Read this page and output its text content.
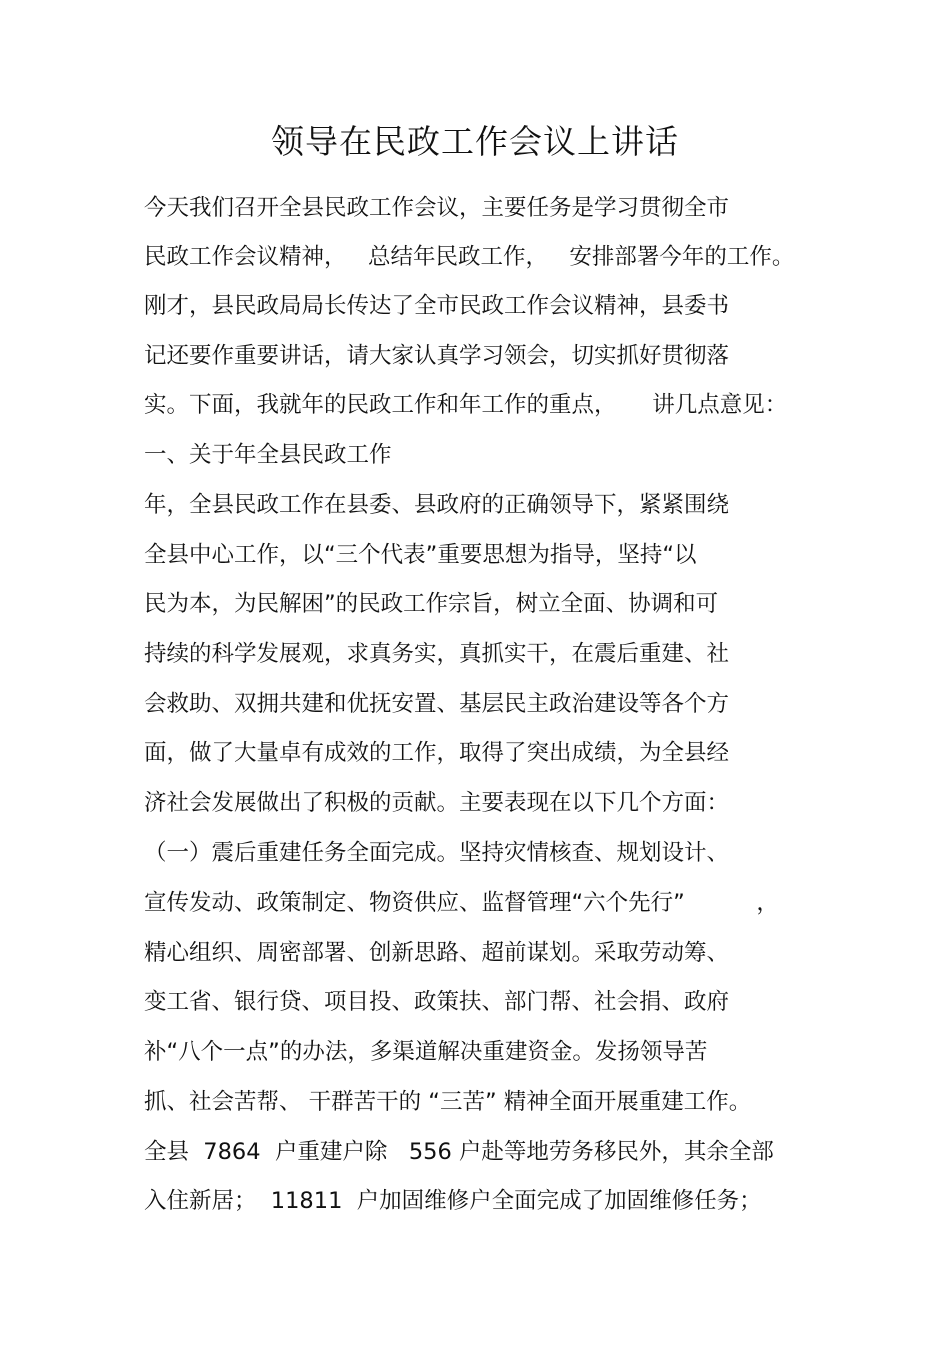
领导在民政工作会议上讲话
今天我们召开全县民政工作会议，主要任务是学习贯彻全市
民政工作会议精神，   总结年民政工作，   安排部署今年的工作。
刚才，县民政局局长传达了全市民政工作会议精神，县委书
记还要作重要讲话，请大家认真学习领会，切实抓好贯彻落
实。下面，我就年的民政工作和年工作的重点，     讲几点意见：
一、关于年全县民政工作
年，全县民政工作在县委、县政府的正确领导下，紧紧围绕
全县中心工作，以“三个代表”重要思想为指导，坚持“以
民为本，为民解困”的民政工作宗旨，树立全面、协调和可
持续的科学发展观，求真务实，真抓实干，在震后重建、社
会救助、双拥共建和优抚安置、基层民主政治建设等各个方
面，做了大量卓有成效的工作，取得了突出成绩，为全县经
济社会发展做出了积极的贡献。主要表现在以下几个方面：
（一）震后重建任务全面完成。坚持灾情核查、规划设计、
宣传发动、政策制定、物资供应、监督管理“六个先行”          ，
精心组织、周密部署、创新思路、超前谋划。采取劳动筹、
变工省、银行贷、项目投、政策扶、部门帮、社会捐、政府
补“八个一点”的办法，多渠道解决重建资金。发扬领导苦
抓、社会苦帮、 干群苦干的 “三苦” 精神全面开展重建工作。
全县  7864  户重建户除   556 户赴等地劳务移民外，其余全部
入住新居；  11811  户加固维修户全面完成了加固维修任务；
